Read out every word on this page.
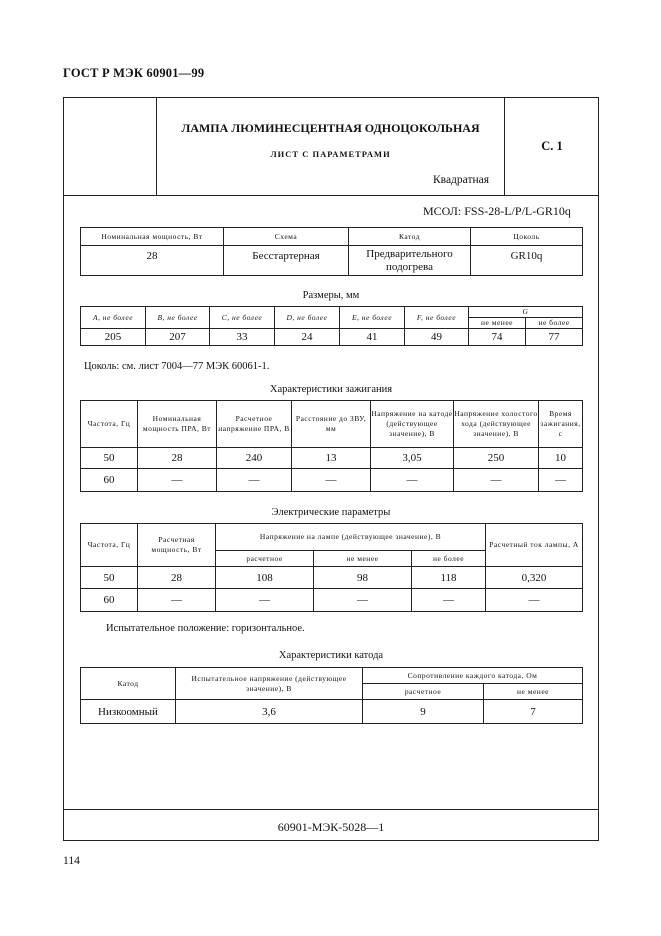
ГОСТ Р МЭК 60901—99
ЛАМПА ЛЮМИНЕСЦЕНТНАЯ ОДНОЦОКОЛЬНАЯ
ЛИСТ С ПАРАМЕТРАМИ
Квадратная
С. 1
МСОЛ: FSS-28-L/P/L-GR10q
Номинальная мощность, Вт	Схема	Катод	Цоколь
28	Бесстартерная	Предварительного подогрева	GR10q
Размеры, мм
A, не более	B, не более	C, не более	D, не более	E, не более	F, не более	G	
						не менее	не более
205	207	33	24	41	49	74	77
Цоколь: см. лист 7004—77 МЭК 60061-1.
Характеристики зажигания
Частота, Гц	Номинальная мощность ПРА, Вт	Расчетное напряжение ПРА, В	Расстояние до ЗВУ, мм	Напряжение на катоде (действующее значение), В	Напряжение холостого хода (действующее значение), В	Время зажигания, с
50	28	240	13	3,05	250	10
60	—	—	—	—	—	—
Электрические параметры
Частота, Гц	Расчетная мощность, Вт	Напряжение на лампе (действующее значение), В			Расчетный ток лампы, А
		расчетное	не менее	не более	
50	28	108	98	118	0,320
60	—	—	—	—	—
Испытательное положение: горизонтальное.
Характеристики катода
Катод	Испытательное напряжение (действующее значение), В	Сопротивление каждого катода, Ом	
		расчетное	не менее
Низкоомный	3,6	9	7
60901-МЭК-5028—1
114
